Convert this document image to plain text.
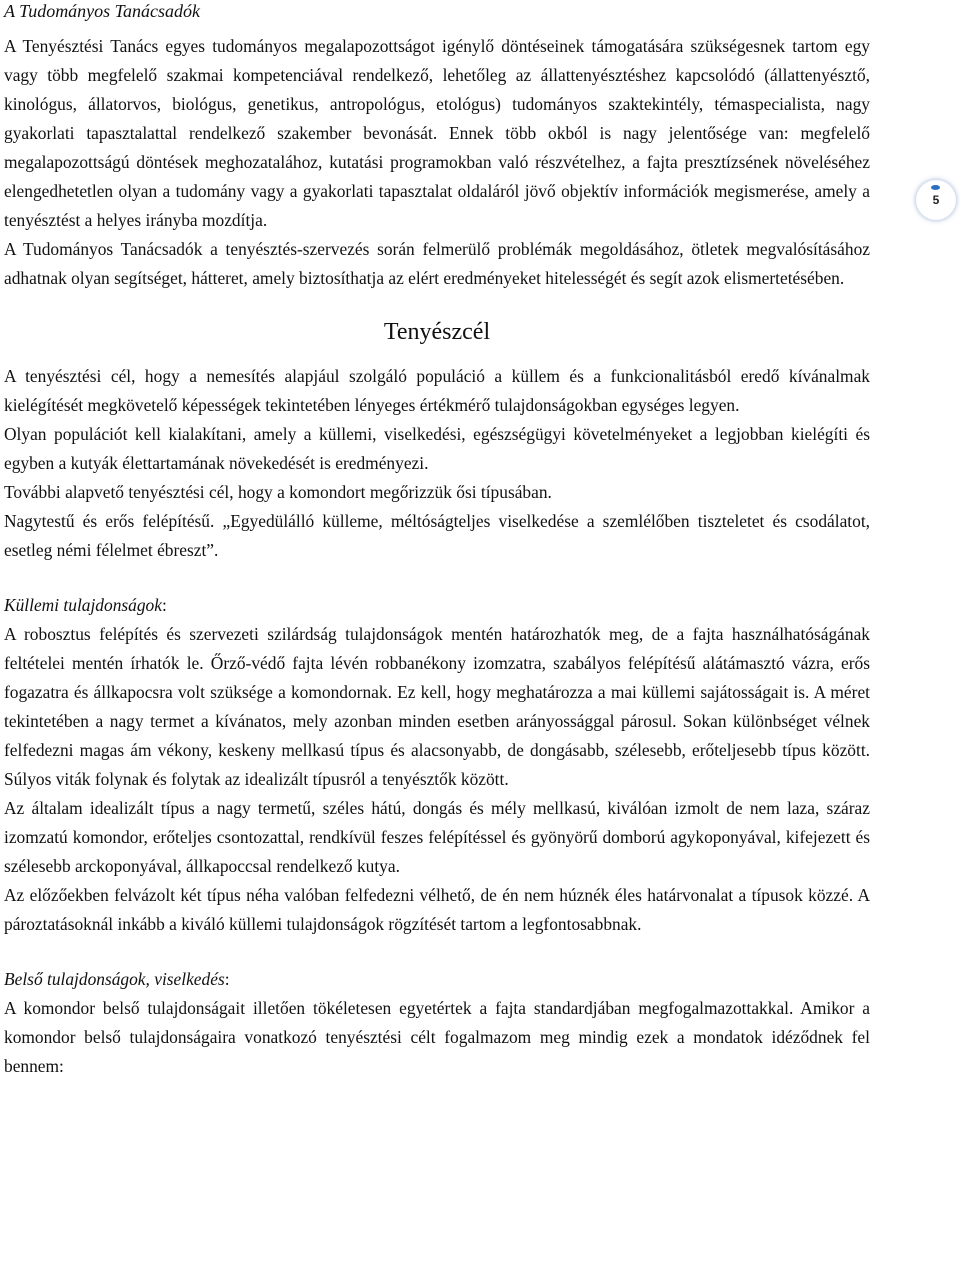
A Tudományos Tanácsadók

A Tenyésztési Tanács egyes tudományos megalapozottságot igénylő döntéseinek támogatására szükségesnek tartom egy vagy több megfelelő szakmai kompetenciával rendelkező, lehetőleg az állattenyésztéshez kapcsolódó (állattenyésztő, kinológus, állatorvos, biológus, genetikus, antropológus, etológus) tudományos szaktekintély, témaspecialista, nagy gyakorlati tapasztalattal rendelkező szakember bevonását. Ennek több okból is nagy jelentősége van: megfelelő megalapozottságú döntések meghozatalához, kutatási programokban való részvételhez, a fajta presztízsének növeléséhez elengedhetetlen olyan a tudomány vagy a gyakorlati tapasztalat oldaláról jövő objektív információk megismerése, amely a tenyésztést a helyes irányba mozdítja.

A Tudományos Tanácsadók a tenyésztés-szervezés során felmerülő problémák megoldásához, ötletek megvalósításához adhatnak olyan segítséget, hátteret, amely biztosíthatja az elért eredményeket hitelességét és segít azok elismertetésében.

Tenyészcél

A tenyésztési cél, hogy a nemesítés alapjául szolgáló populáció a küllem és a funkcionalitásból eredő kívánalmak kielégítését megkövetelő képességek tekintetében lényeges értékmérő tulajdonságokban egységes legyen.

Olyan populációt kell kialakítani, amely a küllemi, viselkedési, egészségügyi követelményeket a legjobban kielégíti és egyben a kutyák élettartamának növekedését is eredményezi.

További alapvető tenyésztési cél, hogy a komondort megőrizzük ősi típusában.

Nagytestű és erős felépítésű. „Egyedülálló külleme, méltóságteljes viselkedése a szemlélőben tiszteletet és csodálatot, esetleg némi félelmet ébreszt”.

Küllemi tulajdonságok:

A robosztus felépítés és szervezeti szilárdság tulajdonságok mentén határozhatók meg, de a fajta használhatóságának feltételei mentén írhatók le. Őrző-védő fajta lévén robbanékony izomzatra, szabályos felépítésű alátámasztó vázra, erős fogazatra és állkapocsra volt szüksége a komondornak. Ez kell, hogy meghatározza a mai küllemi sajátosságait is. A méret tekintetében a nagy termet a kívánatos, mely azonban minden esetben arányossággal párosul. Sokan különbséget vélnek felfedezni magas ám vékony, keskeny mellkasú típus és alacsonyabb, de dongásabb, szélesebb, erőteljesebb típus között. Súlyos viták folynak és folytak az idealizált típusról a tenyésztők között.

Az általam idealizált típus a nagy termetű, széles hátú, dongás és mély mellkasú, kiválóan izmolt de nem laza, száraz izomzatú komondor, erőteljes csontozattal, rendkívül feszes felépítéssel és gyönyörű domború agykoponyával, kifejezett és szélesebb arckoponyával, állkapoccsal rendelkező kutya.

Az előzőekben felvázolt két típus néha valóban felfedezni vélhető, de én nem húznék éles határvonalat a típusok közzé. A pároztatásoknál inkább a kiváló küllemi tulajdonságok rögzítését tartom a legfontosabbnak.

Belső tulajdonságok, viselkedés:

A komondor belső tulajdonságait illetően tökéletesen egyetértek a fajta standardjában megfogalmazottakkal. Amikor a komondor belső tulajdonságaira vonatkozó tenyésztési célt fogalmazom meg mindig ezek a mondatok idéződnek fel bennem:

5
